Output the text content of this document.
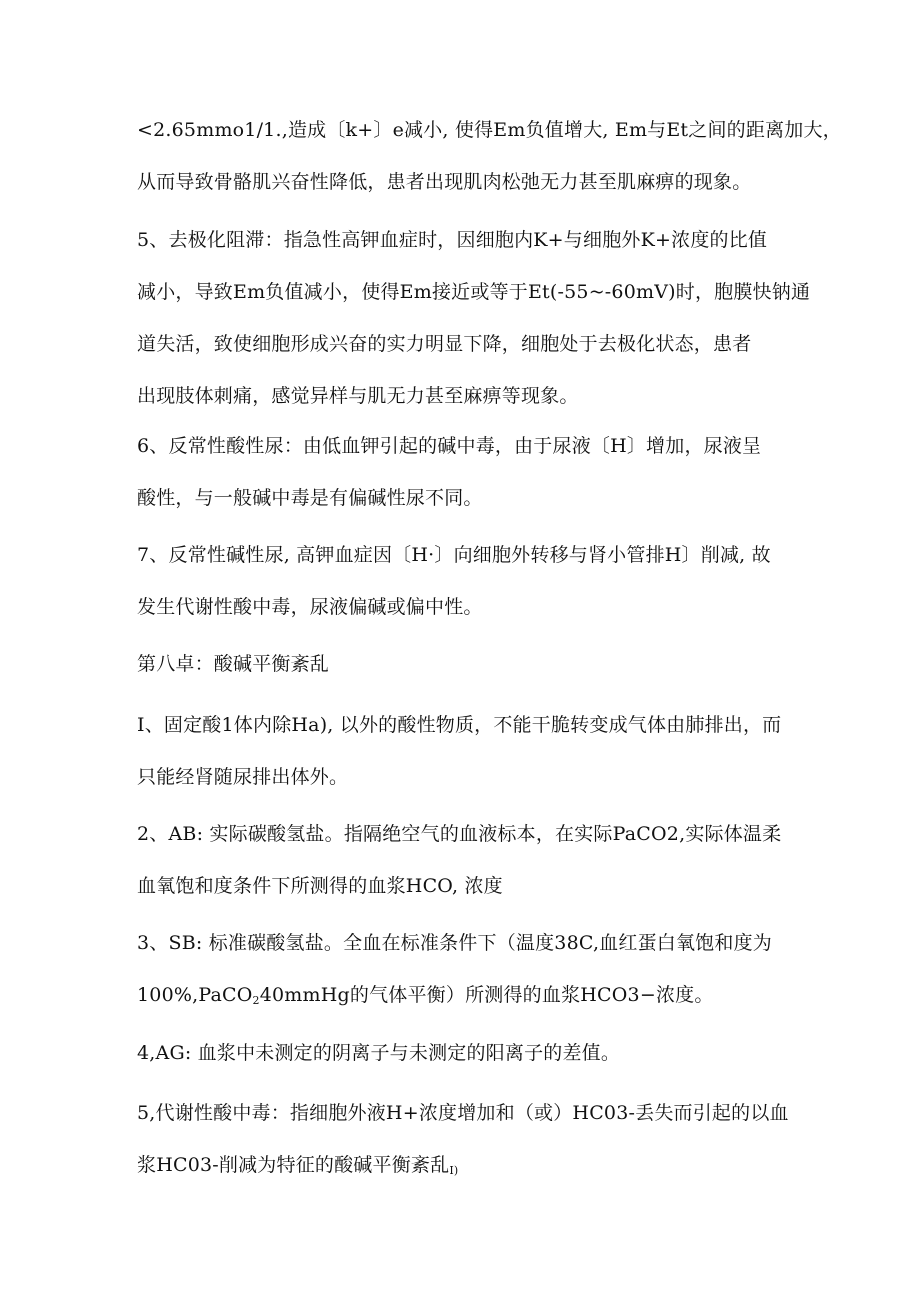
<2.65mmo1/1.,造成〔k+〕e减小, 使得Em负值增大, Em与Et之间的距离加大，
从而导致骨骼肌兴奋性降低，患者出现肌肉松弛无力甚至肌麻痹的现象。

5、去极化阻滞：指急性高钾血症时，因细胞内K+与细胞外K+浓度的比值
减小，导致Em负值减小，使得Em接近或等于Et(-55~-60mV)时，胞膜快钠通
道失活，致使细胞形成兴奋的实力明显下降，细胞处于去极化状态，患者
出现肢体刺痛，感觉异样与肌无力甚至麻痹等现象。

6、反常性酸性尿：由低血钾引起的碱中毒，由于尿液〔H〕增加，尿液呈
酸性，与一般碱中毒是有偏碱性尿不同。

7、反常性碱性尿, 高钾血症因〔H·〕向细胞外转移与肾小管排H〕削减, 故
发生代谢性酸中毒，尿液偏碱或偏中性。

第八卓：酸碱平衡紊乱

I、固定酸1体内除Ha), 以外的酸性物质，不能干脆转变成气体由肺排出，而
只能经肾随尿排出体外。

2、AB: 实际碳酸氢盐。指隔绝空气的血液标本，在实际PaCO2,实际体温柔
血氧饱和度条件下所测得的血浆HCO, 浓度

3、SB: 标准碳酸氢盐。全血在标准条件下（温度38C,血红蛋白氧饱和度为
100%,PaCO$_2$40mmHg的气体平衡）所测得的血浆HCO3−浓度。

4,AG: 血浆中未测定的阴离子与未测定的阳离子的差值。

5,代谢性酸中毒：指细胞外液H+浓度增加和（或）HC03-丢失而引起的以血
浆HC03-削减为特征的酸碱平衡紊乱$_{I)}$
